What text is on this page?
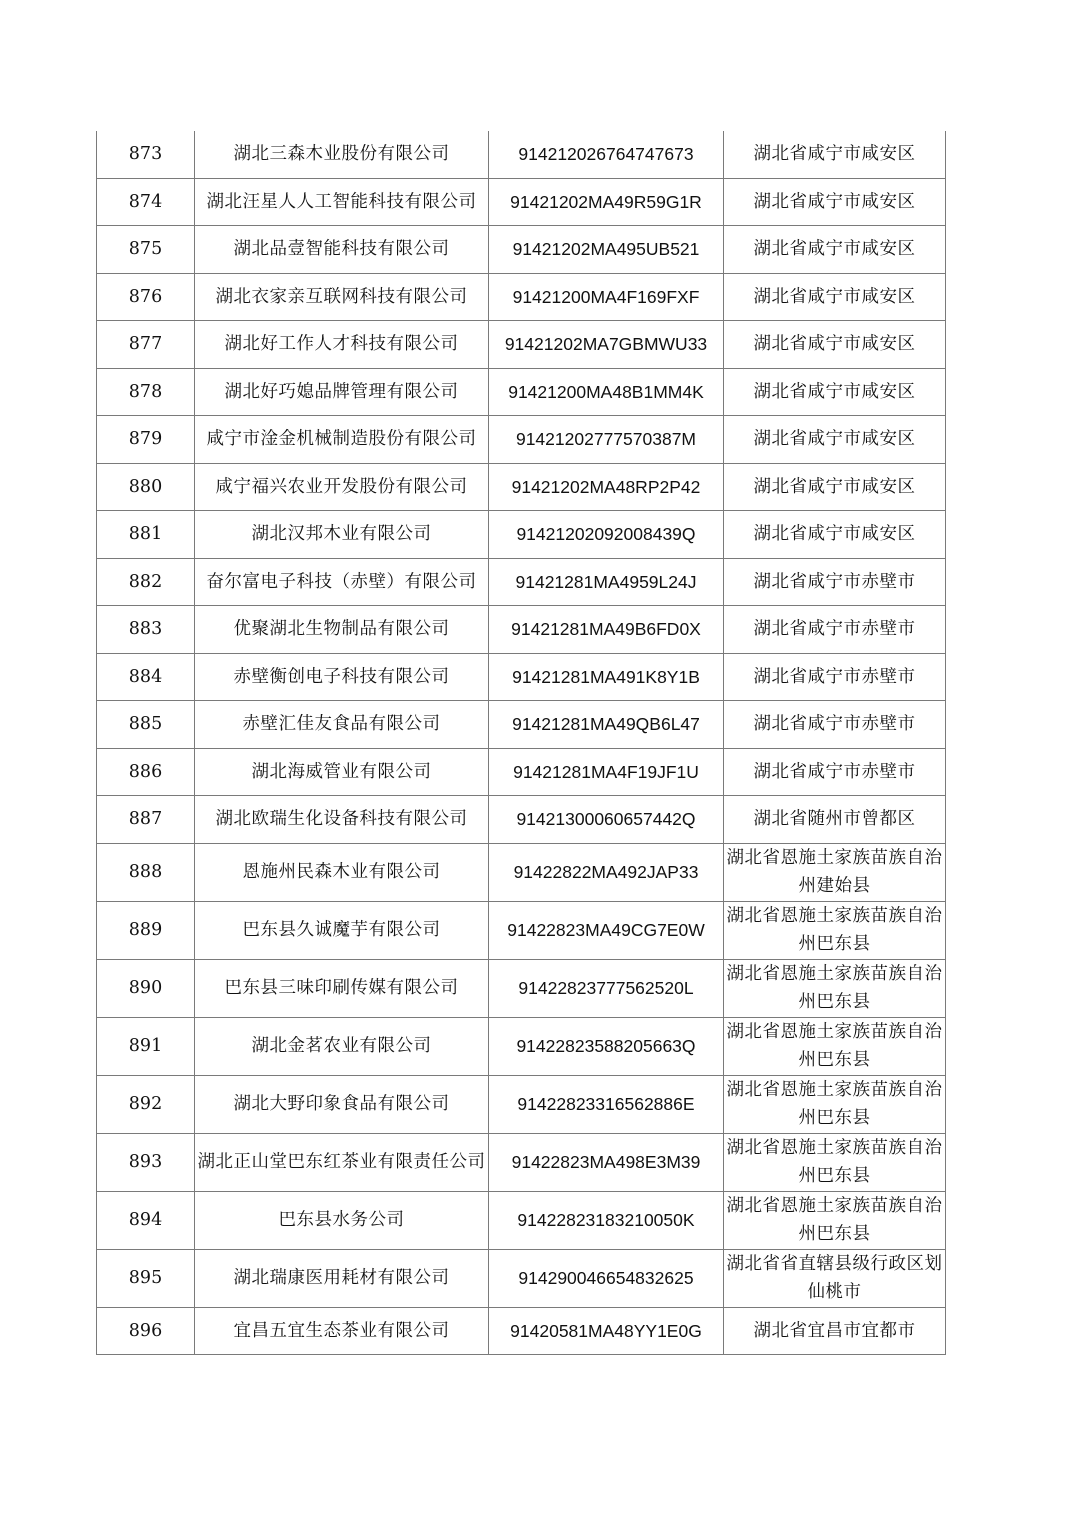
873	湖北三森木业股份有限公司	914212026764747673	湖北省咸宁市咸安区
874	湖北汪星人人工智能科技有限公司	91421202MA49R59G1R	湖北省咸宁市咸安区
875	湖北品壹智能科技有限公司	91421202MA495UB521	湖北省咸宁市咸安区
876	湖北衣家亲互联网科技有限公司	91421200MA4F169FXF	湖北省咸宁市咸安区
877	湖北好工作人才科技有限公司	91421202MA7GBMWU33	湖北省咸宁市咸安区
878	湖北好巧媳品牌管理有限公司	91421200MA48B1MM4K	湖北省咸宁市咸安区
879	咸宁市淦金机械制造股份有限公司	91421202777570387M	湖北省咸宁市咸安区
880	咸宁福兴农业开发股份有限公司	91421202MA48RP2P42	湖北省咸宁市咸安区
881	湖北汉邦木业有限公司	91421202092008439Q	湖北省咸宁市咸安区
882	奋尔富电子科技（赤壁）有限公司	91421281MA4959L24J	湖北省咸宁市赤壁市
883	优聚湖北生物制品有限公司	91421281MA49B6FD0X	湖北省咸宁市赤壁市
884	赤壁衡创电子科技有限公司	91421281MA491K8Y1B	湖北省咸宁市赤壁市
885	赤壁汇佳友食品有限公司	91421281MA49QB6L47	湖北省咸宁市赤壁市
886	湖北海威管业有限公司	91421281MA4F19JF1U	湖北省咸宁市赤壁市
887	湖北欧瑞生化设备科技有限公司	91421300060657442Q	湖北省随州市曾都区
888	恩施州民森木业有限公司	91422822MA492JAP33	湖北省恩施土家族苗族自治州建始县
889	巴东县久诚魔芋有限公司	91422823MA49CG7E0W	湖北省恩施土家族苗族自治州巴东县
890	巴东县三味印刷传媒有限公司	91422823777562520L	湖北省恩施土家族苗族自治州巴东县
891	湖北金茗农业有限公司	91422823588205663Q	湖北省恩施土家族苗族自治州巴东县
892	湖北大野印象食品有限公司	91422823316562886E	湖北省恩施土家族苗族自治州巴东县
893	湖北正山堂巴东红茶业有限责任公司	91422823MA498E3M39	湖北省恩施土家族苗族自治州巴东县
894	巴东县水务公司	91422823183210050K	湖北省恩施土家族苗族自治州巴东县
895	湖北瑞康医用耗材有限公司	914290046654832625	湖北省省直辖县级行政区划仙桃市
896	宜昌五宜生态茶业有限公司	91420581MA48YY1E0G	湖北省宜昌市宜都市
